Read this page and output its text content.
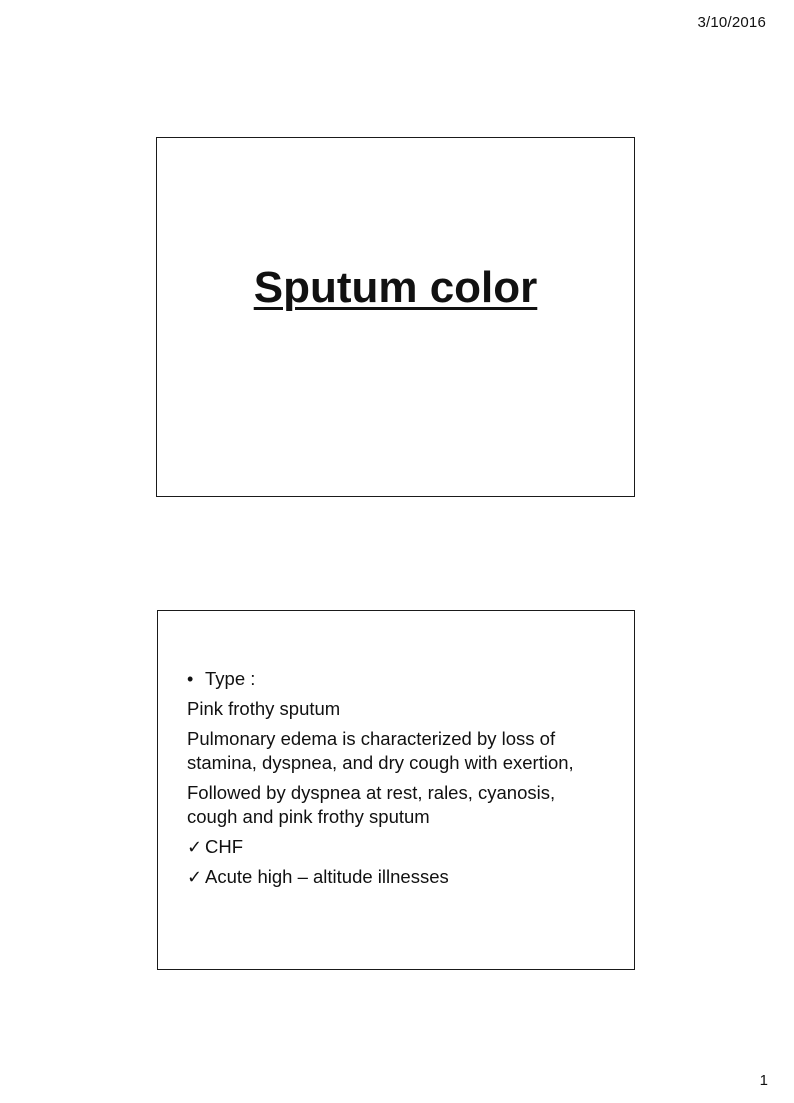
3/10/2016
Sputum color
• Type :
Pink frothy sputum
Pulmonary edema is characterized by loss of stamina, dyspnea, and dry cough with exertion,
Followed by dyspnea at rest, rales, cyanosis, cough and pink frothy sputum
✓ CHF
✓ Acute high – altitude illnesses
1
